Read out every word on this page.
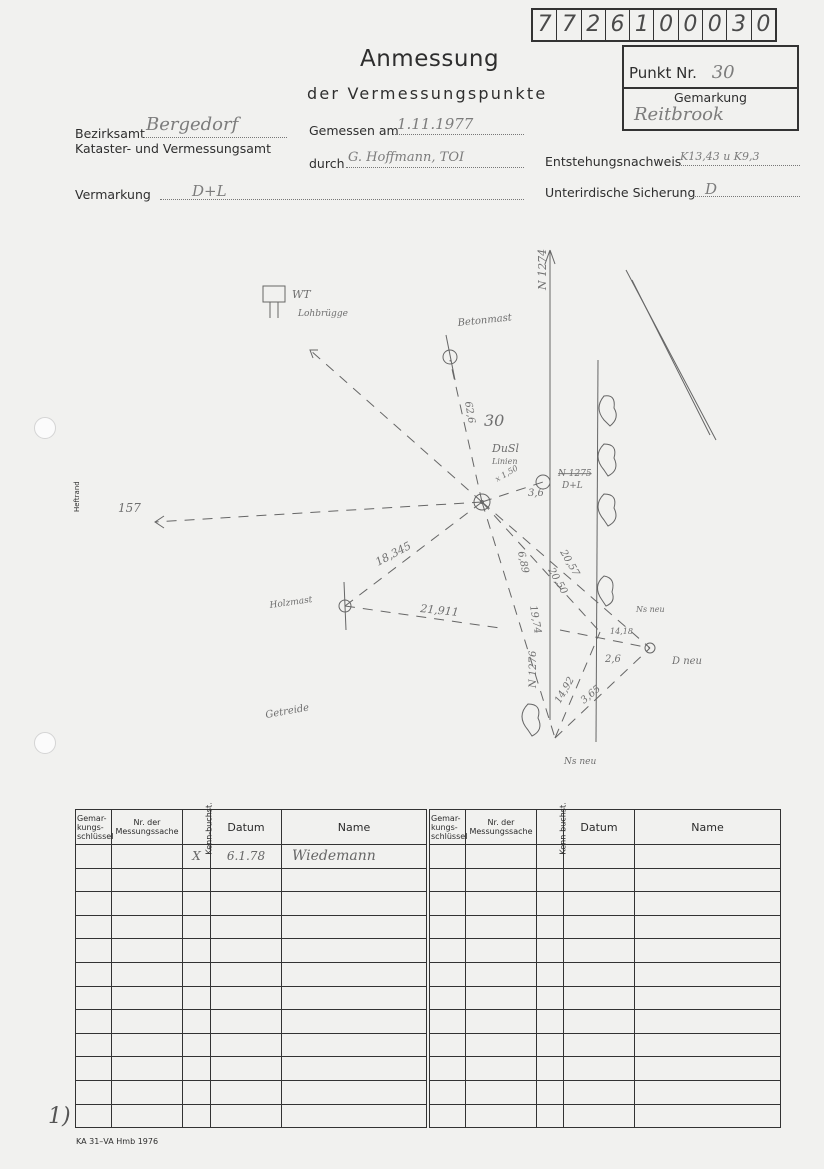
7 7 2 6 1 0 0 0 3 0
Anmessung
der Vermessungspunkte
Punkt Nr. 30
Gemarkung
Reitbrook
Bezirksamt Bergedorf
Kataster- und Vermessungsamt
Gemessen am
1.11.1977
durch G. Hoffmann, TOI	Entstehungsnachweis
K13,43 u K9,3
Vermarkung	D+L	Unterirdische Sicherung D
Heftrand
WT
Lohbrügge	Betonmast
N 1274
30
DuSl
Linien
N 1275
D+L
3,6
x 1,50
157
62,6
18,345
Holzmast	21,911
6,89	20,57
20,50
19,74
N 1276
Ns neu
14,18
2,6	D neu
14,92 3,65
Getreide
Ns neu
Gemar-kungs-schlüssel	Nr. der Messungssache	Kenn-buchst.	Datum	Name
		X	6.1.78	Wiedemann

Gemar-kungs-schlüssel	Nr. der Messungssache	Kenn-buchst.	Datum	Name

1)
KA 31–VA Hmb 1976
